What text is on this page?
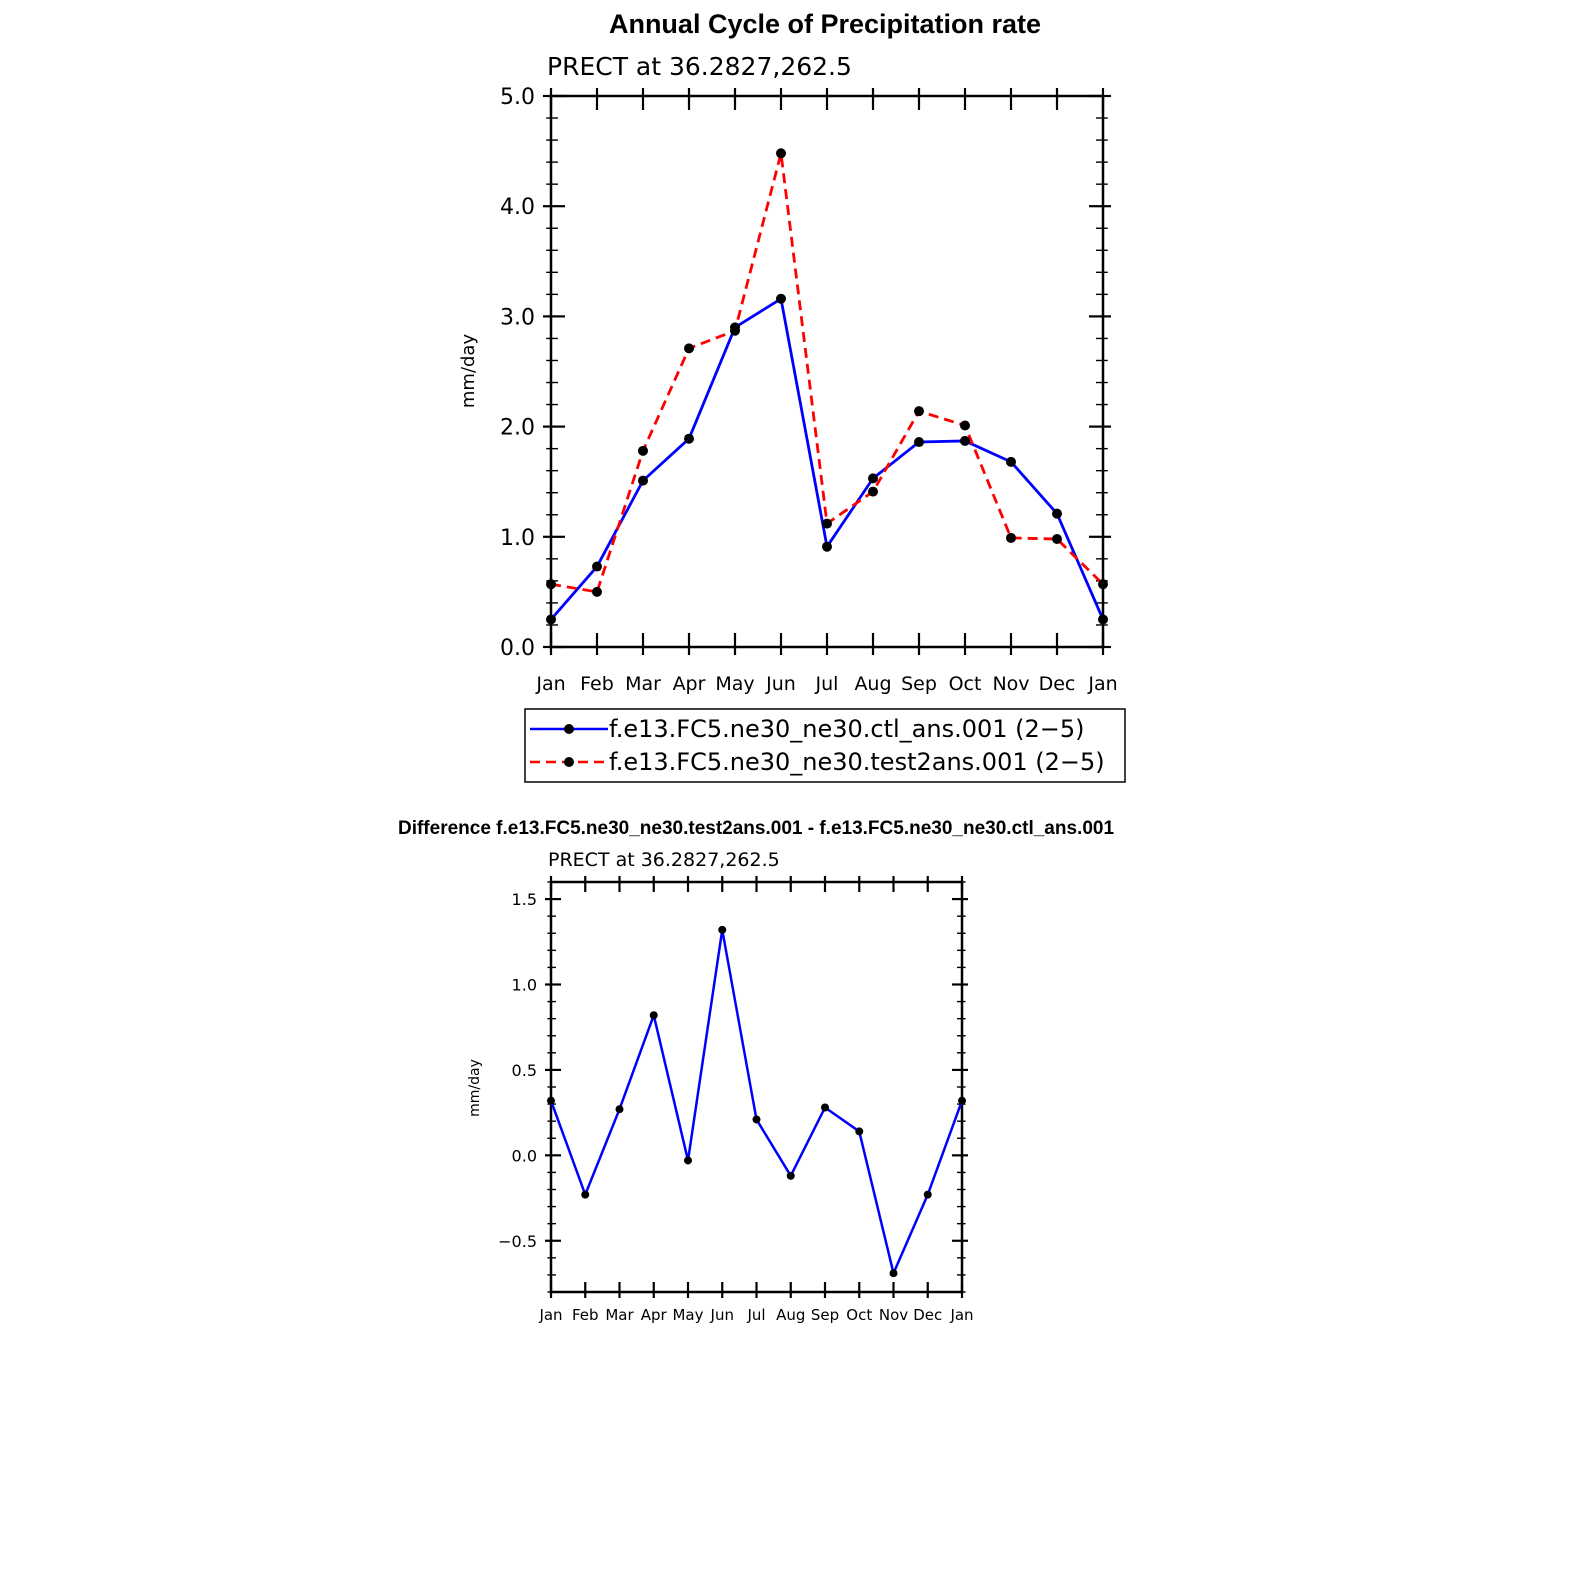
Annual Cycle of Precipitation rate
PRECT at 36.2827,262.5
mm/day
0.0
1.0
2.0
3.0
4.0
5.0
Jan Feb Mar Apr May Jun Jul Aug Sep Oct Nov Dec Jan
f.e13.FC5.ne30_ne30.ctl_ans.001 (2−5)
f.e13.FC5.ne30_ne30.test2ans.001 (2−5)
Difference f.e13.FC5.ne30_ne30.test2ans.001 - f.e13.FC5.ne30_ne30.ctl_ans.001
PRECT at 36.2827,262.5
mm/day
−0.5
0.0
0.5
1.0
1.5
Jan Feb Mar Apr May Jun Jul Aug Sep Oct Nov Dec Jan
